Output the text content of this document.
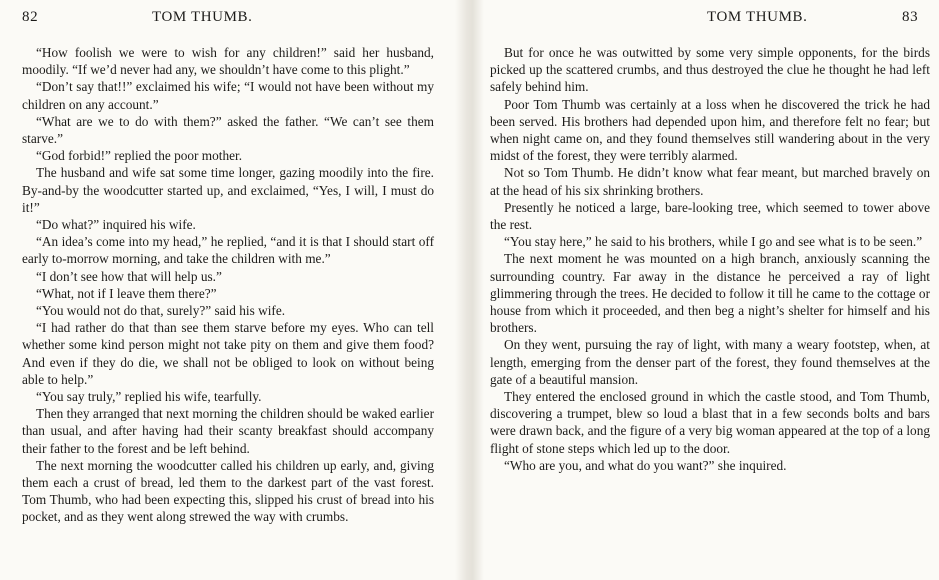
82	TOM THUMB.

“How foolish we were to wish for any children!” said her husband, moodily. “If we’d never had any, we shouldn’t have come to this plight.”

“Don’t say that!!” exclaimed his wife; “I would not have been without my children on any account.”

“What are we to do with them?” asked the father. “We can’t see them starve.”

“God forbid!” replied the poor mother.

The husband and wife sat some time longer, gazing moodily into the fire. By-and-by the woodcutter started up, and exclaimed, “Yes, I will, I must do it!”

“Do what?” inquired his wife.

“An idea’s come into my head,” he replied, “and it is that I should start off early to-morrow morning, and take the children with me.”

“I don’t see how that will help us.”

“What, not if I leave them there?”

“You would not do that, surely?” said his wife.

“I had rather do that than see them starve before my eyes. Who can tell whether some kind person might not take pity on them and give them food? And even if they do die, we shall not be obliged to look on without being able to help.”

“You say truly,” replied his wife, tearfully.

Then they arranged that next morning the children should be waked earlier than usual, and after having had their scanty breakfast should accompany their father to the forest and be left behind.

The next morning the woodcutter called his children up early, and, giving them each a crust of bread, led them to the darkest part of the vast forest. Tom Thumb, who had been expecting this, slipped his crust of bread into his pocket, and as they went along strewed the way with crumbs.

TOM THUMB.	83

But for once he was outwitted by some very simple opponents, for the birds picked up the scattered crumbs, and thus destroyed the clue he thought he had left safely behind him.

Poor Tom Thumb was certainly at a loss when he discovered the trick he had been served. His brothers had depended upon him, and therefore felt no fear; but when night came on, and they found themselves still wandering about in the very midst of the forest, they were terribly alarmed.

Not so Tom Thumb. He didn’t know what fear meant, but marched bravely on at the head of his six shrinking brothers.

Presently he noticed a large, bare-looking tree, which seemed to tower above the rest.

“You stay here,” he said to his brothers, while I go and see what is to be seen.”

The next moment he was mounted on a high branch, anxiously scanning the surrounding country. Far away in the distance he perceived a ray of light glimmering through the trees. He decided to follow it till he came to the cottage or house from which it proceeded, and then beg a night’s shelter for himself and his brothers.

On they went, pursuing the ray of light, with many a weary footstep, when, at length, emerging from the denser part of the forest, they found themselves at the gate of a beautiful mansion.

They entered the enclosed ground in which the castle stood, and Tom Thumb, discovering a trumpet, blew so loud a blast that in a few seconds bolts and bars were drawn back, and the figure of a very big woman appeared at the top of a long flight of stone steps which led up to the door.

“Who are you, and what do you want?” she inquired.
